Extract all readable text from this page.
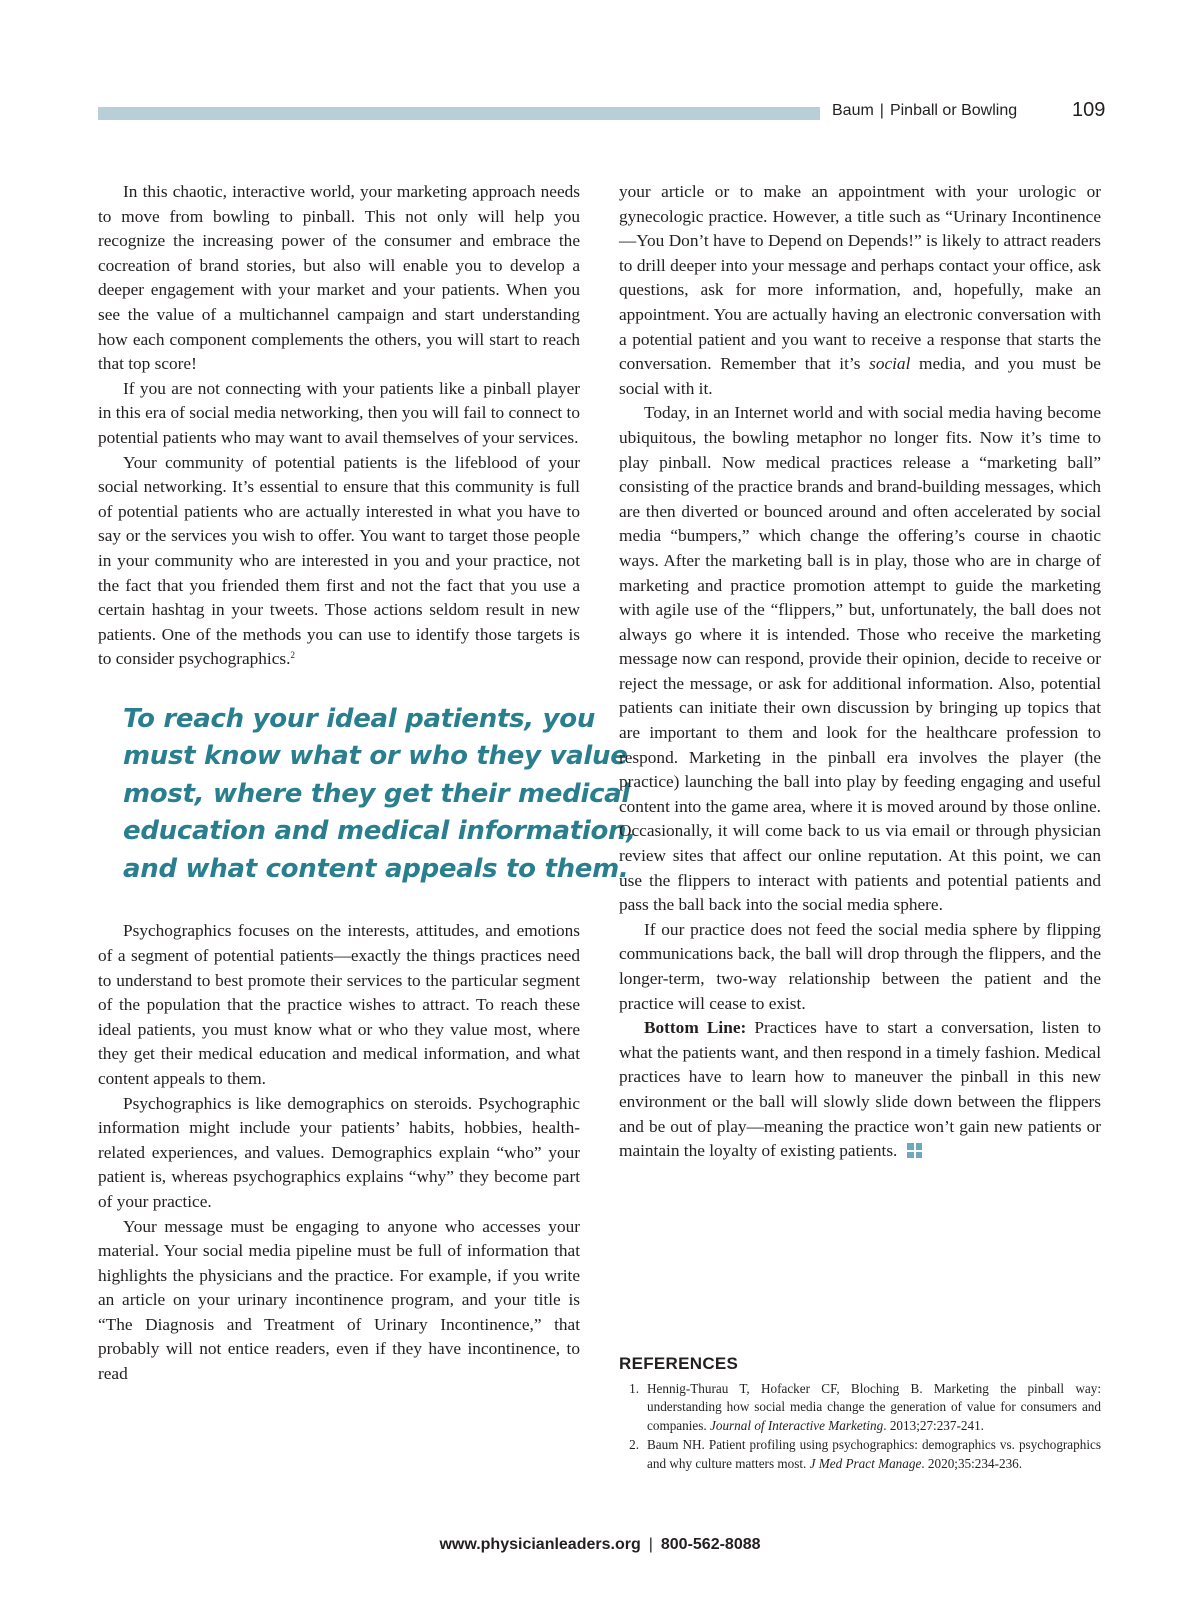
Baum | Pinball or Bowling	109

In this chaotic, interactive world, your marketing approach needs to move from bowling to pinball. This not only will help you recognize the increasing power of the consumer and embrace the cocreation of brand stories, but also will enable you to develop a deeper engagement with your market and your patients. When you see the value of a multichannel campaign and start understanding how each component complements the others, you will start to reach that top score!

If you are not connecting with your patients like a pinball player in this era of social media networking, then you will fail to connect to potential patients who may want to avail themselves of your services.

Your community of potential patients is the lifeblood of your social networking. It’s essential to ensure that this community is full of potential patients who are actually interested in what you have to say or the services you wish to offer. You want to target those people in your community who are interested in you and your practice, not the fact that you friended them first and not the fact that you use a certain hashtag in your tweets. Those actions seldom result in new patients. One of the methods you can use to identify those targets is to consider psychographics.$^2$

To reach your ideal patients, you
must know what or who they value
most, where they get their medical
education and medical information,
and what content appeals to them.

Psychographics focuses on the interests, attitudes, and emotions of a segment of potential patients—exactly the things practices need to understand to best promote their services to the particular segment of the population that the practice wishes to attract. To reach these ideal patients, you must know what or who they value most, where they get their medical education and medical information, and what content appeals to them.

Psychographics is like demographics on steroids. Psychographic information might include your patients’ habits, hobbies, health-related experiences, and values. Demographics explain “who” your patient is, whereas psychographics explains “why” they become part of your practice.

Your message must be engaging to anyone who accesses your material. Your social media pipeline must be full of information that highlights the physicians and the practice. For example, if you write an article on your urinary incontinence program, and your title is “The Diagnosis and Treatment of Urinary Incontinence,” that probably will not entice readers, even if they have incontinence, to read

your article or to make an appointment with your urologic or gynecologic practice. However, a title such as “Urinary Incontinence—You Don’t have to Depend on Depends!” is likely to attract readers to drill deeper into your message and perhaps contact your office, ask questions, ask for more information, and, hopefully, make an appointment. You are actually having an electronic conversation with a potential patient and you want to receive a response that starts the conversation. Remember that it’s social media, and you must be social with it.

Today, in an Internet world and with social media having become ubiquitous, the bowling metaphor no longer fits. Now it’s time to play pinball. Now medical practices release a “marketing ball” consisting of the practice brands and brand-building messages, which are then diverted or bounced around and often accelerated by social media “bumpers,” which change the offering’s course in chaotic ways. After the marketing ball is in play, those who are in charge of marketing and practice promotion attempt to guide the marketing with agile use of the “flippers,” but, unfortunately, the ball does not always go where it is intended. Those who receive the marketing message now can respond, provide their opinion, decide to receive or reject the message, or ask for additional information. Also, potential patients can initiate their own discussion by bringing up topics that are important to them and look for the healthcare profession to respond. Marketing in the pinball era involves the player (the practice) launching the ball into play by feeding engaging and useful content into the game area, where it is moved around by those online. Occasionally, it will come back to us via email or through physician review sites that affect our online reputation. At this point, we can use the flippers to interact with patients and potential patients and pass the ball back into the social media sphere.

If our practice does not feed the social media sphere by flipping communications back, the ball will drop through the flippers, and the longer-term, two-way relationship between the patient and the practice will cease to exist.

Bottom Line: Practices have to start a conversation, listen to what the patients want, and then respond in a timely fashion. Medical practices have to learn how to maneuver the pinball in this new environment or the ball will slowly slide down between the flippers and be out of play—meaning the practice won’t gain new patients or maintain the loyalty of existing patients.

REFERENCES
1. Hennig-Thurau T, Hofacker CF, Bloching B. Marketing the pinball way: understanding how social media change the generation of value for consumers and companies. Journal of Interactive Marketing. 2013;27:237-241.
2. Baum NH. Patient profiling using psychographics: demographics vs. psychographics and why culture matters most. J Med Pract Manage. 2020;35:234-236.
www.physicianleaders.org | 800-562-8088
